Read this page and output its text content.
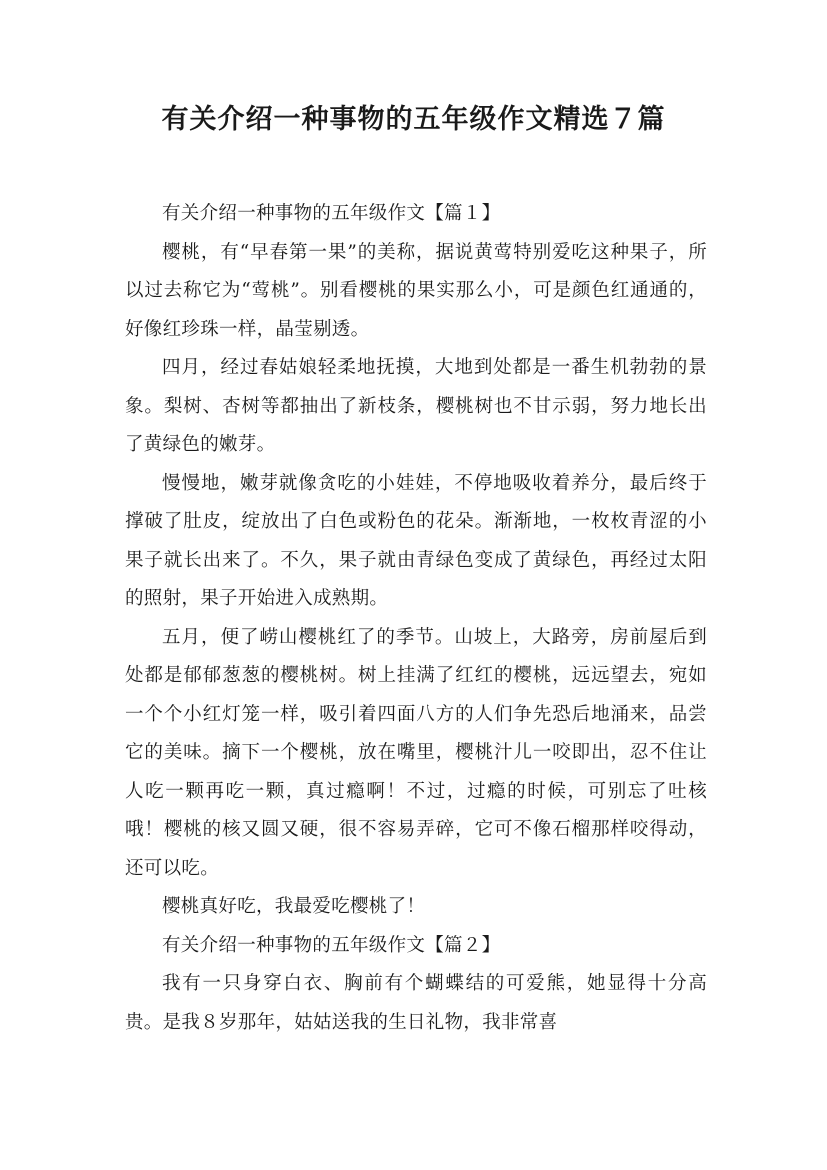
有关介绍一种事物的五年级作文精选７篇

有关介绍一种事物的五年级作文【篇１】

樱桃，有“早春第一果”的美称，据说黄莺特别爱吃这种果子，所以过去称它为“莺桃”。别看樱桃的果实那么小，可是颜色红通通的，好像红珍珠一样，晶莹剔透。

四月，经过春姑娘轻柔地抚摸，大地到处都是一番生机勃勃的景象。梨树、杏树等都抽出了新枝条，樱桃树也不甘示弱，努力地长出了黄绿色的嫩芽。

慢慢地，嫩芽就像贪吃的小娃娃，不停地吸收着养分，最后终于撑破了肚皮，绽放出了白色或粉色的花朵。渐渐地，一枚枚青涩的小果子就长出来了。不久，果子就由青绿色变成了黄绿色，再经过太阳的照射，果子开始进入成熟期。

五月，便了崂山樱桃红了的季节。山坡上，大路旁，房前屋后到处都是郁郁葱葱的樱桃树。树上挂满了红红的樱桃，远远望去，宛如一个个小红灯笼一样，吸引着四面八方的人们争先恐后地涌来，品尝它的美味。摘下一个樱桃，放在嘴里，樱桃汁儿一咬即出，忍不住让人吃一颗再吃一颗，真过瘾啊！不过，过瘾的时候，可别忘了吐核哦！樱桃的核又圆又硬，很不容易弄碎，它可不像石榴那样咬得动，还可以吃。

樱桃真好吃，我最爱吃樱桃了！

有关介绍一种事物的五年级作文【篇２】

我有一只身穿白衣、胸前有个蝴蝶结的可爱熊，她显得十分高贵。是我８岁那年，姑姑送我的生日礼物，我非常喜
